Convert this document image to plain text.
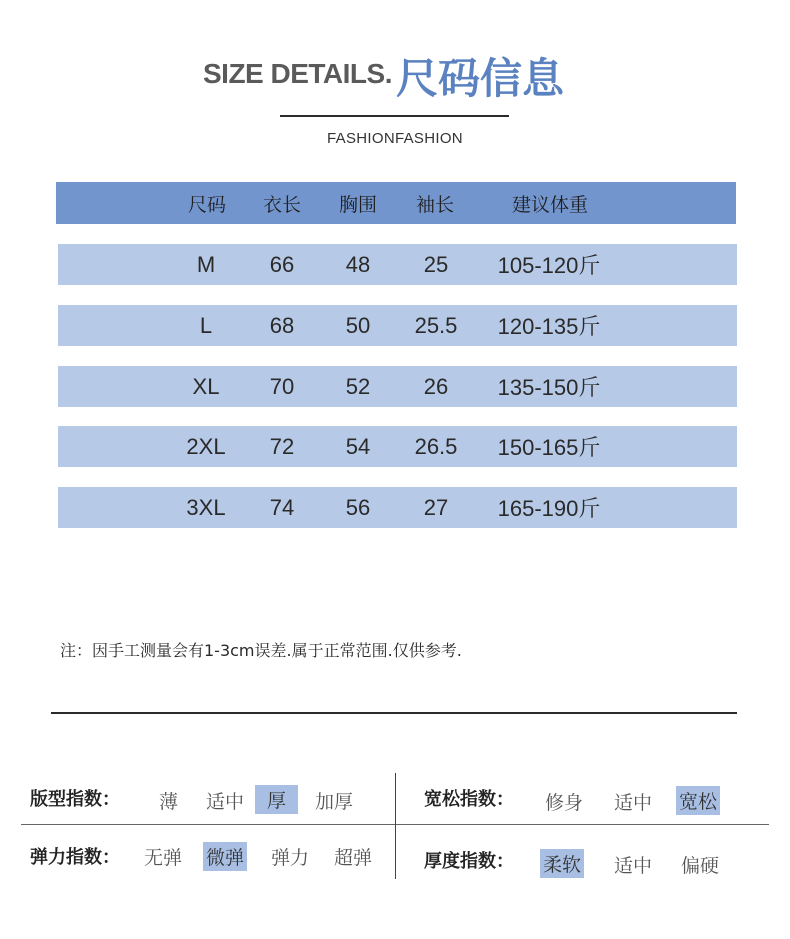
SIZE DETAILS. 尺码信息
FASHIONFASHION
尺码	衣长	胸围	袖长	建议体重
M	66	48	25	105-120斤
L	68	50	25.5	120-135斤
XL	70	52	26	135-150斤
2XL	72	54	26.5	150-165斤
3XL	74	56	27	165-190斤
注：因手工测量会有1-3cm误差.属于正常范围.仅供参考.
版型指数： 薄 适中	厚	加厚	宽松指数： 修身 适中 宽松
弹力指数： 无弹 微弹 弹力 超弹	厚度指数： 柔软 适中 偏硬
